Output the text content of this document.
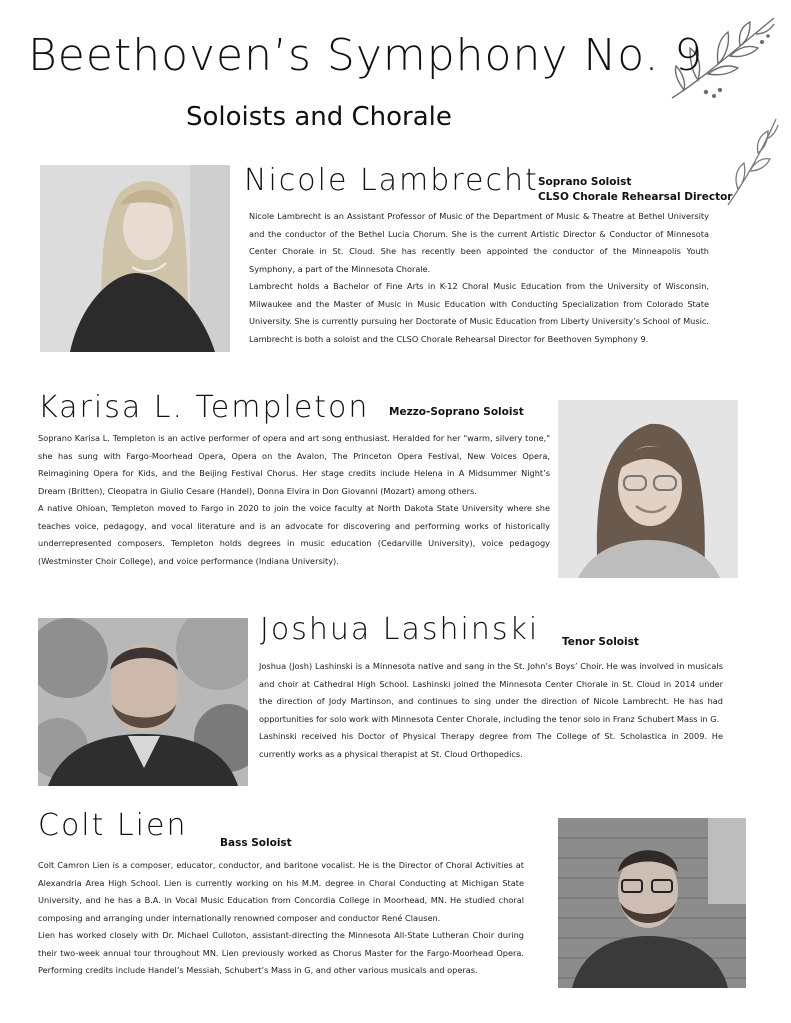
Beethoven’s Symphony No. 9
Soloists and Chorale
Nicole Lambrecht Soprano Soloist
CLSO Chorale Rehearsal Director

Nicole Lambrecht is an Assistant Professor of Music of the Department of Music & Theatre at Bethel University and the conductor of the Bethel Lucia Chorum. She is the current Artistic Director & Conductor of Minnesota Center Chorale in St. Cloud. She has recently been appointed the conductor of the Minneapolis Youth Symphony, a part of the Minnesota Chorale.

Lambrecht holds a Bachelor of Fine Arts in K-12 Choral Music Education from the University of Wisconsin, Milwaukee and the Master of Music in Music Education with Conducting Specialization from Colorado State University. She is currently pursuing her Doctorate of Music Education from Liberty University’s School of Music. Lambrecht is both a soloist and the CLSO Chorale Rehearsal Director for Beethoven Symphony 9.

Karisa L. Templeton Mezzo-Soprano Soloist

Soprano Karisa L. Templeton is an active performer of opera and art song enthusiast. Heralded for her "warm, silvery tone," she has sung with Fargo-Moorhead Opera, Opera on the Avalon, The Princeton Opera Festival, New Voices Opera, Reimagining Opera for Kids, and the Beijing Festival Chorus. Her stage credits include Helena in A Midsummer Night’s Dream (Britten), Cleopatra in Giulio Cesare (Handel), Donna Elvira in Don Giovanni (Mozart) among others.

A native Ohioan, Templeton moved to Fargo in 2020 to join the voice faculty at North Dakota State University where she teaches voice, pedagogy, and vocal literature and is an advocate for discovering and performing works of historically underrepresented composers. Templeton holds degrees in music education (Cedarville University), voice pedagogy (Westminster Choir College), and voice performance (Indiana University).

Joshua Lashinski Tenor Soloist

Joshua (Josh) Lashinski is a Minnesota native and sang in the St. John’s Boys’ Choir. He was involved in musicals and choir at Cathedral High School. Lashinski joined the Minnesota Center Chorale in St. Cloud in 2014 under the direction of Jody Martinson, and continues to sing under the direction of Nicole Lambrecht. He has had opportunities for solo work with Minnesota Center Chorale, including the tenor solo in Franz Schubert Mass in G.

Lashinski received his Doctor of Physical Therapy degree from The College of St. Scholastica in 2009. He currently works as a physical therapist at St. Cloud Orthopedics.

Colt Lien	Bass Soloist

Colt Camron Lien is a composer, educator, conductor, and baritone vocalist. He is the Director of Choral Activities at Alexandria Area High School. Lien is currently working on his M.M. degree in Choral Conducting at Michigan State University, and he has a B.A. in Vocal Music Education from Concordia College in Moorhead, MN. He studied choral composing and arranging under internationally renowned composer and conductor René Clausen.

Lien has worked closely with Dr. Michael Culloton, assistant-directing the Minnesota All-State Lutheran Choir during their two-week annual tour throughout MN. Lien previously worked as Chorus Master for the Fargo-Moorhead Opera. Performing credits include Handel’s Messiah, Schubert’s Mass in G, and other various musicals and operas.
